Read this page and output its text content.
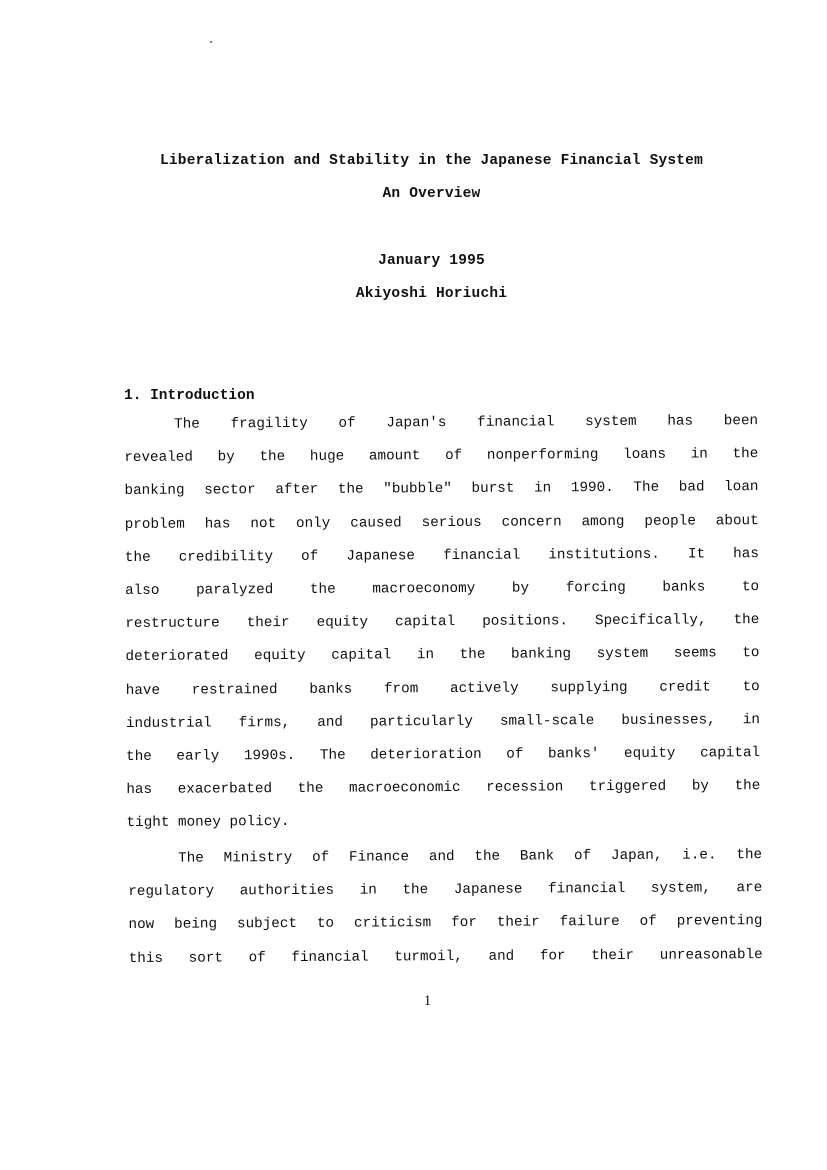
Liberalization and Stability in the Japanese Financial System
An Overview
January 1995
Akiyoshi Horiuchi
1. Introduction
The fragility of Japan's financial system has been
revealed by the huge amount of nonperforming loans in the
banking sector after the "bubble" burst in 1990. The bad loan
problem has not only caused serious concern among people about
the credibility of Japanese financial institutions. It has
also paralyzed the macroeconomy by forcing banks to
restructure their equity capital positions. Specifically, the
deteriorated equity capital in the banking system seems to
have restrained banks from actively supplying credit to
industrial firms, and particularly small-scale businesses, in
the early 1990s. The deterioration of banks' equity capital
has exacerbated the macroeconomic recession triggered by the
tight money policy.
The Ministry of Finance and the Bank of Japan, i.e. the
regulatory authorities in the Japanese financial system, are
now being subject to criticism for their failure of preventing
this sort of financial turmoil, and for their unreasonable
1
